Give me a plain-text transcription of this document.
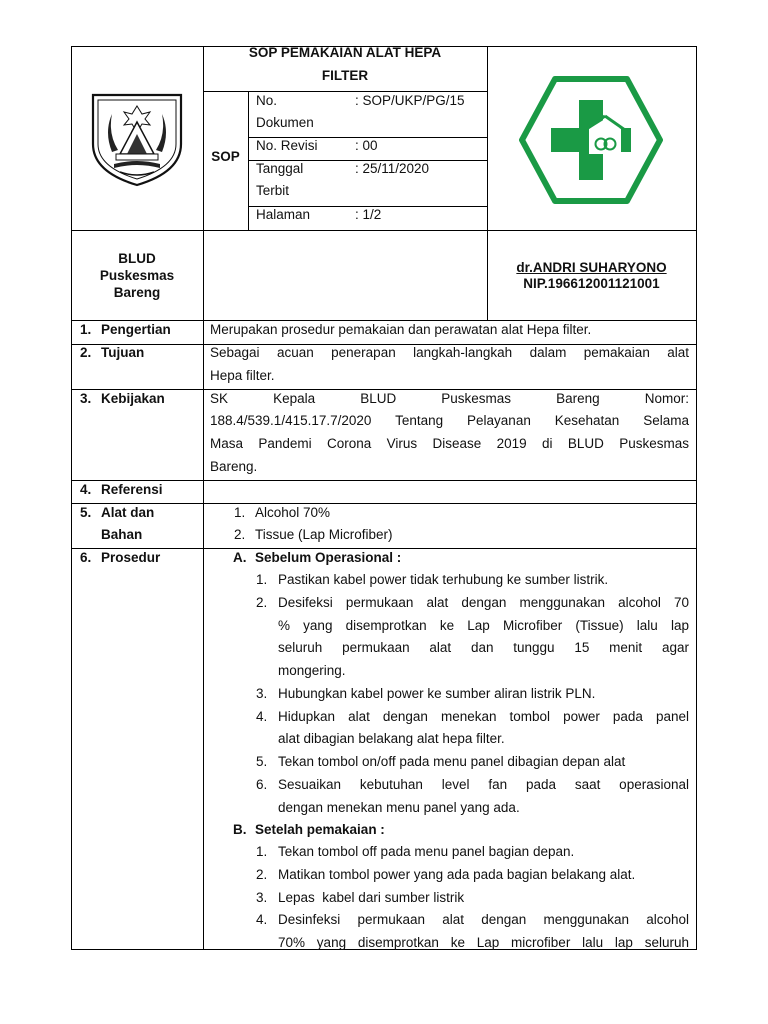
SOP PEMAKAIAN ALAT HEPA
FILTER
SOP
No.
Dokumen
: SOP/UKP/PG/15
No. Revisi	: 00
Tanggal
Terbit
: 25/11/2020
Halaman	: 1/2
BLUD
Puskesmas
Bareng
dr.ANDRI SUHARYONO
NIP.196612001121001
1. Pengertian	Merupakan prosedur pemakaian dan perawatan alat Hepa filter.
2. Tujuan	Sebagai acuan penerapan langkah-langkah dalam pemakaian alat
Hepa filter.
3. Kebijakan	SK Kepala BLUD Puskesmas Bareng Nomor:
188.4/539.1/415.17.7/2020 Tentang Pelayanan Kesehatan Selama
Masa Pandemi Corona Virus Disease 2019 di BLUD Puskesmas
Bareng.
4. Referensi
5. Alat dan
Bahan
1. Alcohol 70%
2. Tissue (Lap Microfiber)
6. Prosedur	A. Sebelum Operasional :
1. Pastikan kabel power tidak terhubung ke sumber listrik.
2. Desifeksi permukaan alat dengan menggunakan alcohol 70
% yang disemprotkan ke Lap Microfiber (Tissue) lalu lap
seluruh permukaan alat dan tunggu 15 menit agar
mongering.
3. Hubungkan kabel power ke sumber aliran listrik PLN.
4. Hidupkan alat dengan menekan tombol power pada panel
alat dibagian belakang alat hepa filter.
5. Tekan tombol on/off pada menu panel dibagian depan alat
6. Sesuaikan kebutuhan level fan pada saat operasional
dengan menekan menu panel yang ada.
B. Setelah pemakaian :
1. Tekan tombol off pada menu panel bagian depan.
2. Matikan tombol power yang ada pada bagian belakang alat.
3. Lepas  kabel dari sumber listrik
4. Desinfeksi permukaan alat dengan menggunakan alcohol
70% yang disemprotkan ke Lap microfiber lalu lap seluruh
